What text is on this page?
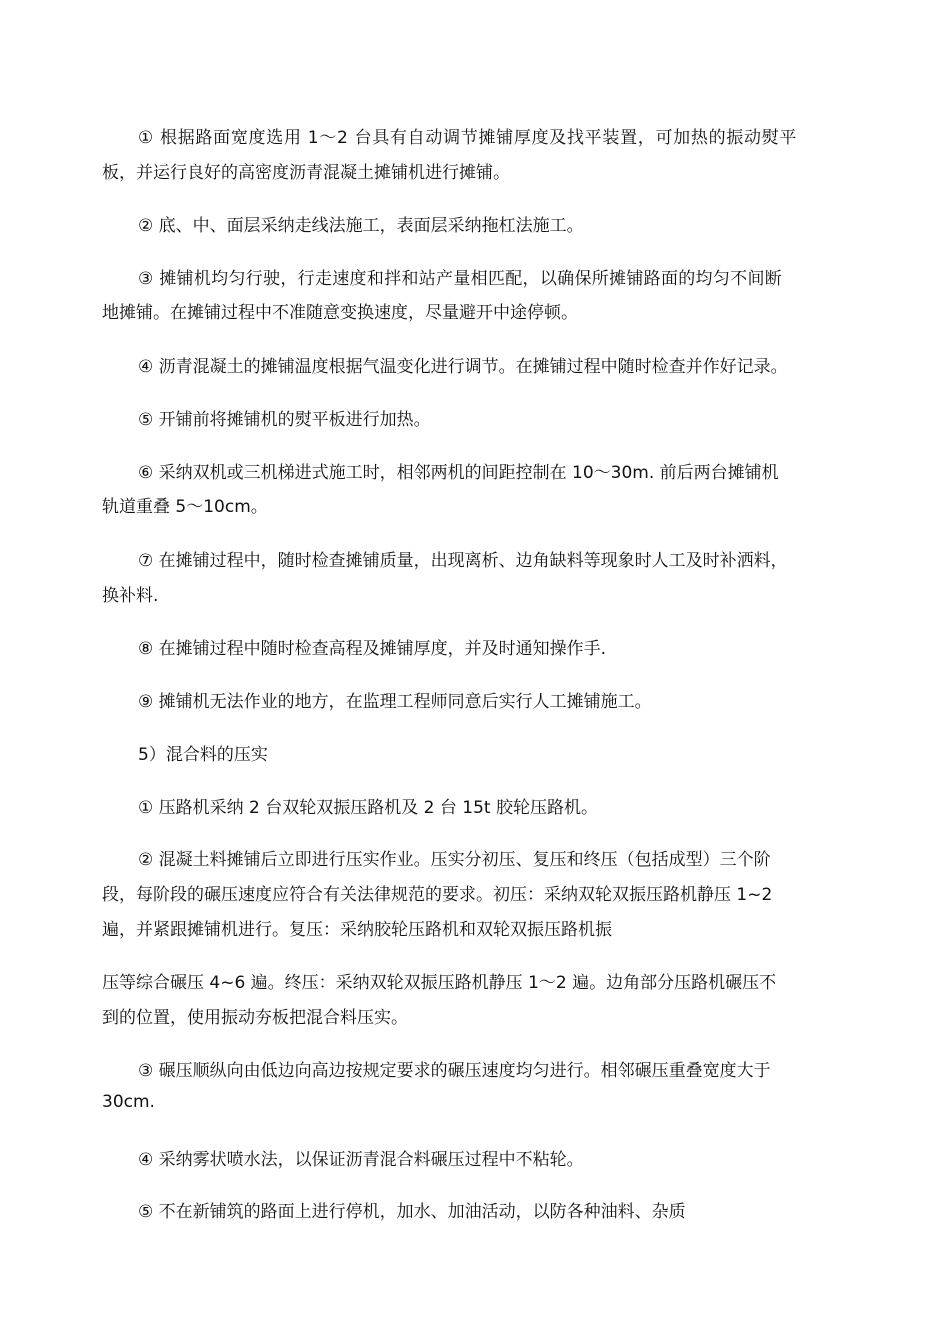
① 根据路面宽度选用 1～2 台具有自动调节摊铺厚度及找平装置，可加热的振动熨平
板，并运行良好的高密度沥青混凝土摊铺机进行摊铺。
② 底、中、面层采纳走线法施工，表面层采纳拖杠法施工。
③ 摊铺机均匀行驶，行走速度和拌和站产量相匹配，以确保所摊铺路面的均匀不间断
地摊铺。在摊铺过程中不准随意变换速度，尽量避开中途停顿。
④ 沥青混凝土的摊铺温度根据气温变化进行调节。在摊铺过程中随时检查并作好记录。
⑤ 开铺前将摊铺机的熨平板进行加热。
⑥ 采纳双机或三机梯进式施工时，相邻两机的间距控制在 10～30m. 前后两台摊铺机
轨道重叠 5～10cm。
⑦ 在摊铺过程中，随时检查摊铺质量，出现离析、边角缺料等现象时人工及时补洒料，
换补料.
⑧ 在摊铺过程中随时检查高程及摊铺厚度，并及时通知操作手.
⑨ 摊铺机无法作业的地方，在监理工程师同意后实行人工摊铺施工。
5）混合料的压实
① 压路机采纳 2 台双轮双振压路机及 2 台 15t 胶轮压路机。
② 混凝土料摊铺后立即进行压实作业。压实分初压、复压和终压（包括成型）三个阶
段，每阶段的碾压速度应符合有关法律规范的要求。初压：采纳双轮双振压路机静压 1~2
遍，并紧跟摊铺机进行。复压：采纳胶轮压路机和双轮双振压路机振
压等综合碾压 4~6 遍。终压：采纳双轮双振压路机静压 1～2 遍。边角部分压路机碾压不
到的位置，使用振动夯板把混合料压实。
③ 碾压顺纵向由低边向高边按规定要求的碾压速度均匀进行。相邻碾压重叠宽度大于
30cm.
④ 采纳雾状喷水法，以保证沥青混合料碾压过程中不粘轮。
⑤ 不在新铺筑的路面上进行停机，加水、加油活动，以防各种油料、杂质
